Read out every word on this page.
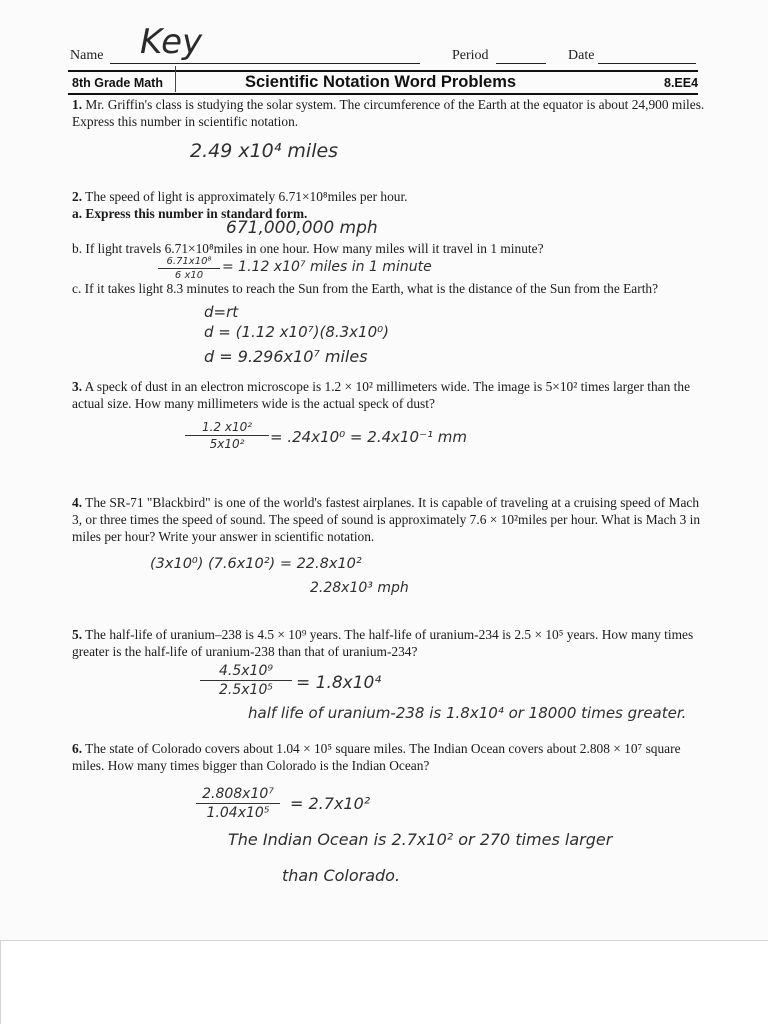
Name Key	Period	Date
8th Grade Math	Scientific Notation Word Problems	8.EE4
1. Mr. Griffin's class is studying the solar system. The circumference of the Earth at the equator is about 24,900 miles. Express this number in scientific notation.
2.49 x10⁴ miles
2. The speed of light is approximately 6.71×10⁸miles per hour.
a. Express this number in standard form.
671,000,000 mph
b. If light travels 6.71×10⁸miles in one hour. How many miles will it travel in 1 minute?
6.71x10⁸
6 x10
= 1.12 x10⁷ miles in 1 minute
c. If it takes light 8.3 minutes to reach the Sun from the Earth, what is the distance of the Sun from the Earth?
d=rt
d = (1.12 x10⁷)(8.3x10⁰)
d = 9.296x10⁷ miles
3. A speck of dust in an electron microscope is 1.2 × 10² millimeters wide. The image is 5×10² times larger than the actual size. How many millimeters wide is the actual speck of dust?
1.2 x10²
5x10²	= .24x10⁰ = 2.4x10⁻¹ mm
4. The SR-71 "Blackbird" is one of the world's fastest airplanes. It is capable of traveling at a cruising speed of Mach 3, or three times the speed of sound. The speed of sound is approximately 7.6 × 10²miles per hour. What is Mach 3 in miles per hour? Write your answer in scientific notation.
(3x10⁰) (7.6x10²) = 22.8x10²
2.28x10³ mph
5. The half-life of uranium–238 is 4.5 × 10⁹ years. The half-life of uranium-234 is 2.5 × 10⁵ years. How many times greater is the half-life of uranium-238 than that of uranium-234?
4.5x10⁹
2.5x10⁵	= 1.8x10⁴
half life of uranium-238 is 1.8x10⁴ or 18000 times greater.
6. The state of Colorado covers about 1.04 × 10⁵ square miles. The Indian Ocean covers about 2.808 × 10⁷ square miles. How many times bigger than Colorado is the Indian Ocean?
2.808x10⁷
1.04x10⁵	= 2.7x10²
The Indian Ocean is 2.7x10² or 270 times larger
than Colorado.
